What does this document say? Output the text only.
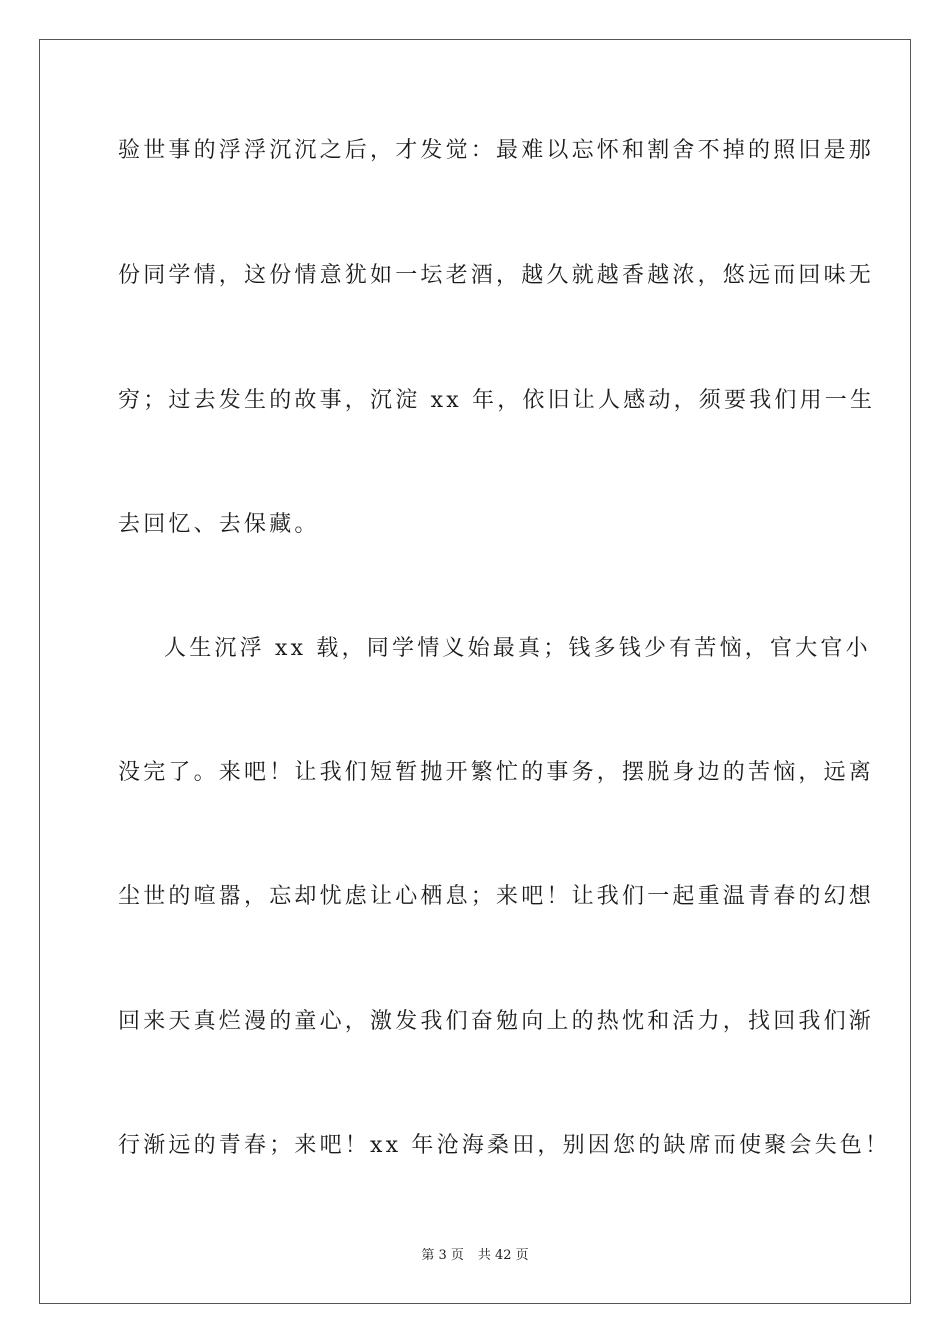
验世事的浮浮沉沉之后，才发觉：最难以忘怀和割舍不掉的照旧是那
份同学情，这份情意犹如一坛老酒，越久就越香越浓，悠远而回味无
穷；过去发生的故事，沉淀 xx 年，依旧让人感动，须要我们用一生
去回忆、去保藏。
人生沉浮 xx 载，同学情义始最真；钱多钱少有苦恼，官大官小
没完了。来吧！让我们短暂抛开繁忙的事务，摆脱身边的苦恼，远离
尘世的喧嚣，忘却忧虑让心栖息；来吧！让我们一起重温青春的幻想
回来天真烂漫的童心，激发我们奋勉向上的热忱和活力，找回我们渐
行渐远的青春；来吧！xx 年沧海桑田，别因您的缺席而使聚会失色！
第 3 页 共 42 页
